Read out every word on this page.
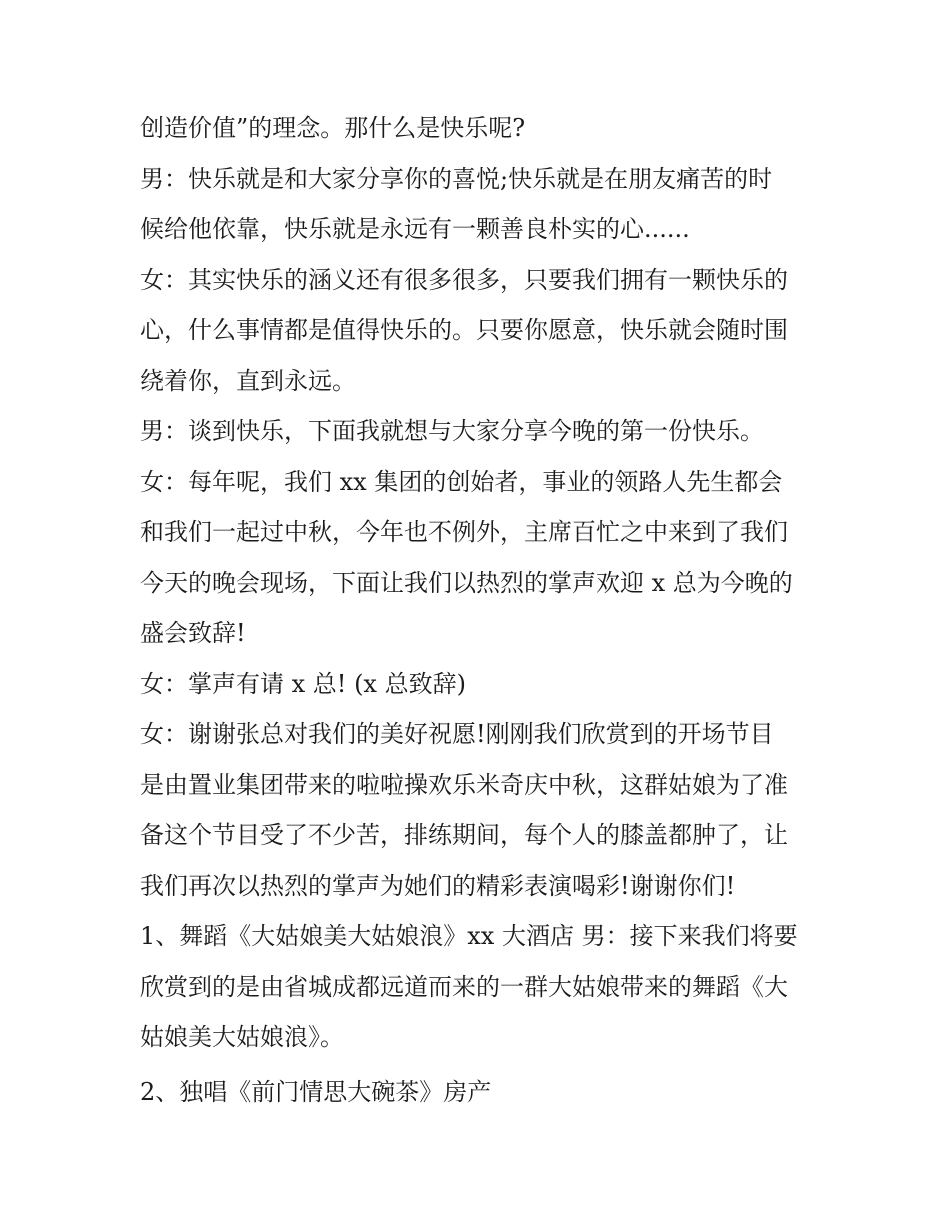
创造价值”的理念。那什么是快乐呢?
男：快乐就是和大家分享你的喜悦;快乐就是在朋友痛苦的时
候给他依靠，快乐就是永远有一颗善良朴实的心......
女：其实快乐的涵义还有很多很多，只要我们拥有一颗快乐的
心，什么事情都是值得快乐的。只要你愿意，快乐就会随时围
绕着你，直到永远。
男：谈到快乐，下面我就想与大家分享今晚的第一份快乐。
女：每年呢，我们 xx 集团的创始者，事业的领路人先生都会
和我们一起过中秋，今年也不例外，主席百忙之中来到了我们
今天的晚会现场，下面让我们以热烈的掌声欢迎 x 总为今晚的
盛会致辞!
女：掌声有请 x 总! (x 总致辞)
女：谢谢张总对我们的美好祝愿!刚刚我们欣赏到的开场节目
是由置业集团带来的啦啦操欢乐米奇庆中秋，这群姑娘为了准
备这个节目受了不少苦，排练期间，每个人的膝盖都肿了，让
我们再次以热烈的掌声为她们的精彩表演喝彩!谢谢你们!
1、舞蹈《大姑娘美大姑娘浪》xx 大酒店 男：接下来我们将要
欣赏到的是由省城成都远道而来的一群大姑娘带来的舞蹈《大
姑娘美大姑娘浪》。
2、独唱《前门情思大碗茶》房产
